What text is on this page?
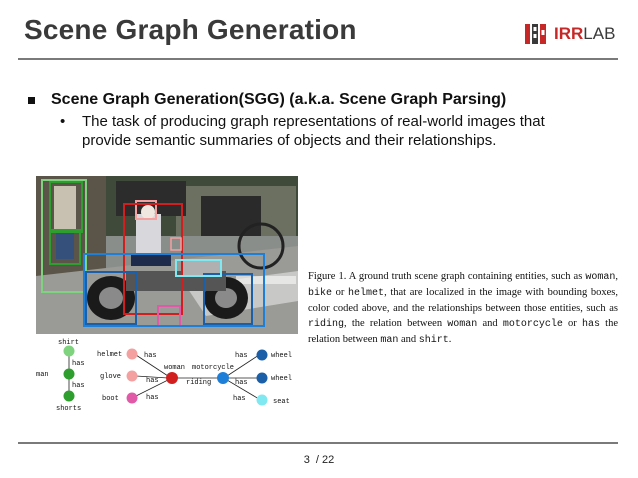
Scene Graph Generation	IRRLAB
Scene Graph Generation(SGG) (a.k.a. Scene Graph Parsing)
•	The task of producing graph representations of real-world images that provide semantic summaries of objects and their relationships.
shirt
man
shorts
has
has
helmet
glove
boot
has
has
has
woman motorcycle
riding
has
has
has
wheel
wheel
seat
Figure 1. A ground truth scene graph containing entities, such as woman, bike or helmet, that are localized in the image with bounding boxes, color coded above, and the relationships between those entities, such as riding, the relation between woman and motorcycle or has the relation between man and shirt.
3 / 22
